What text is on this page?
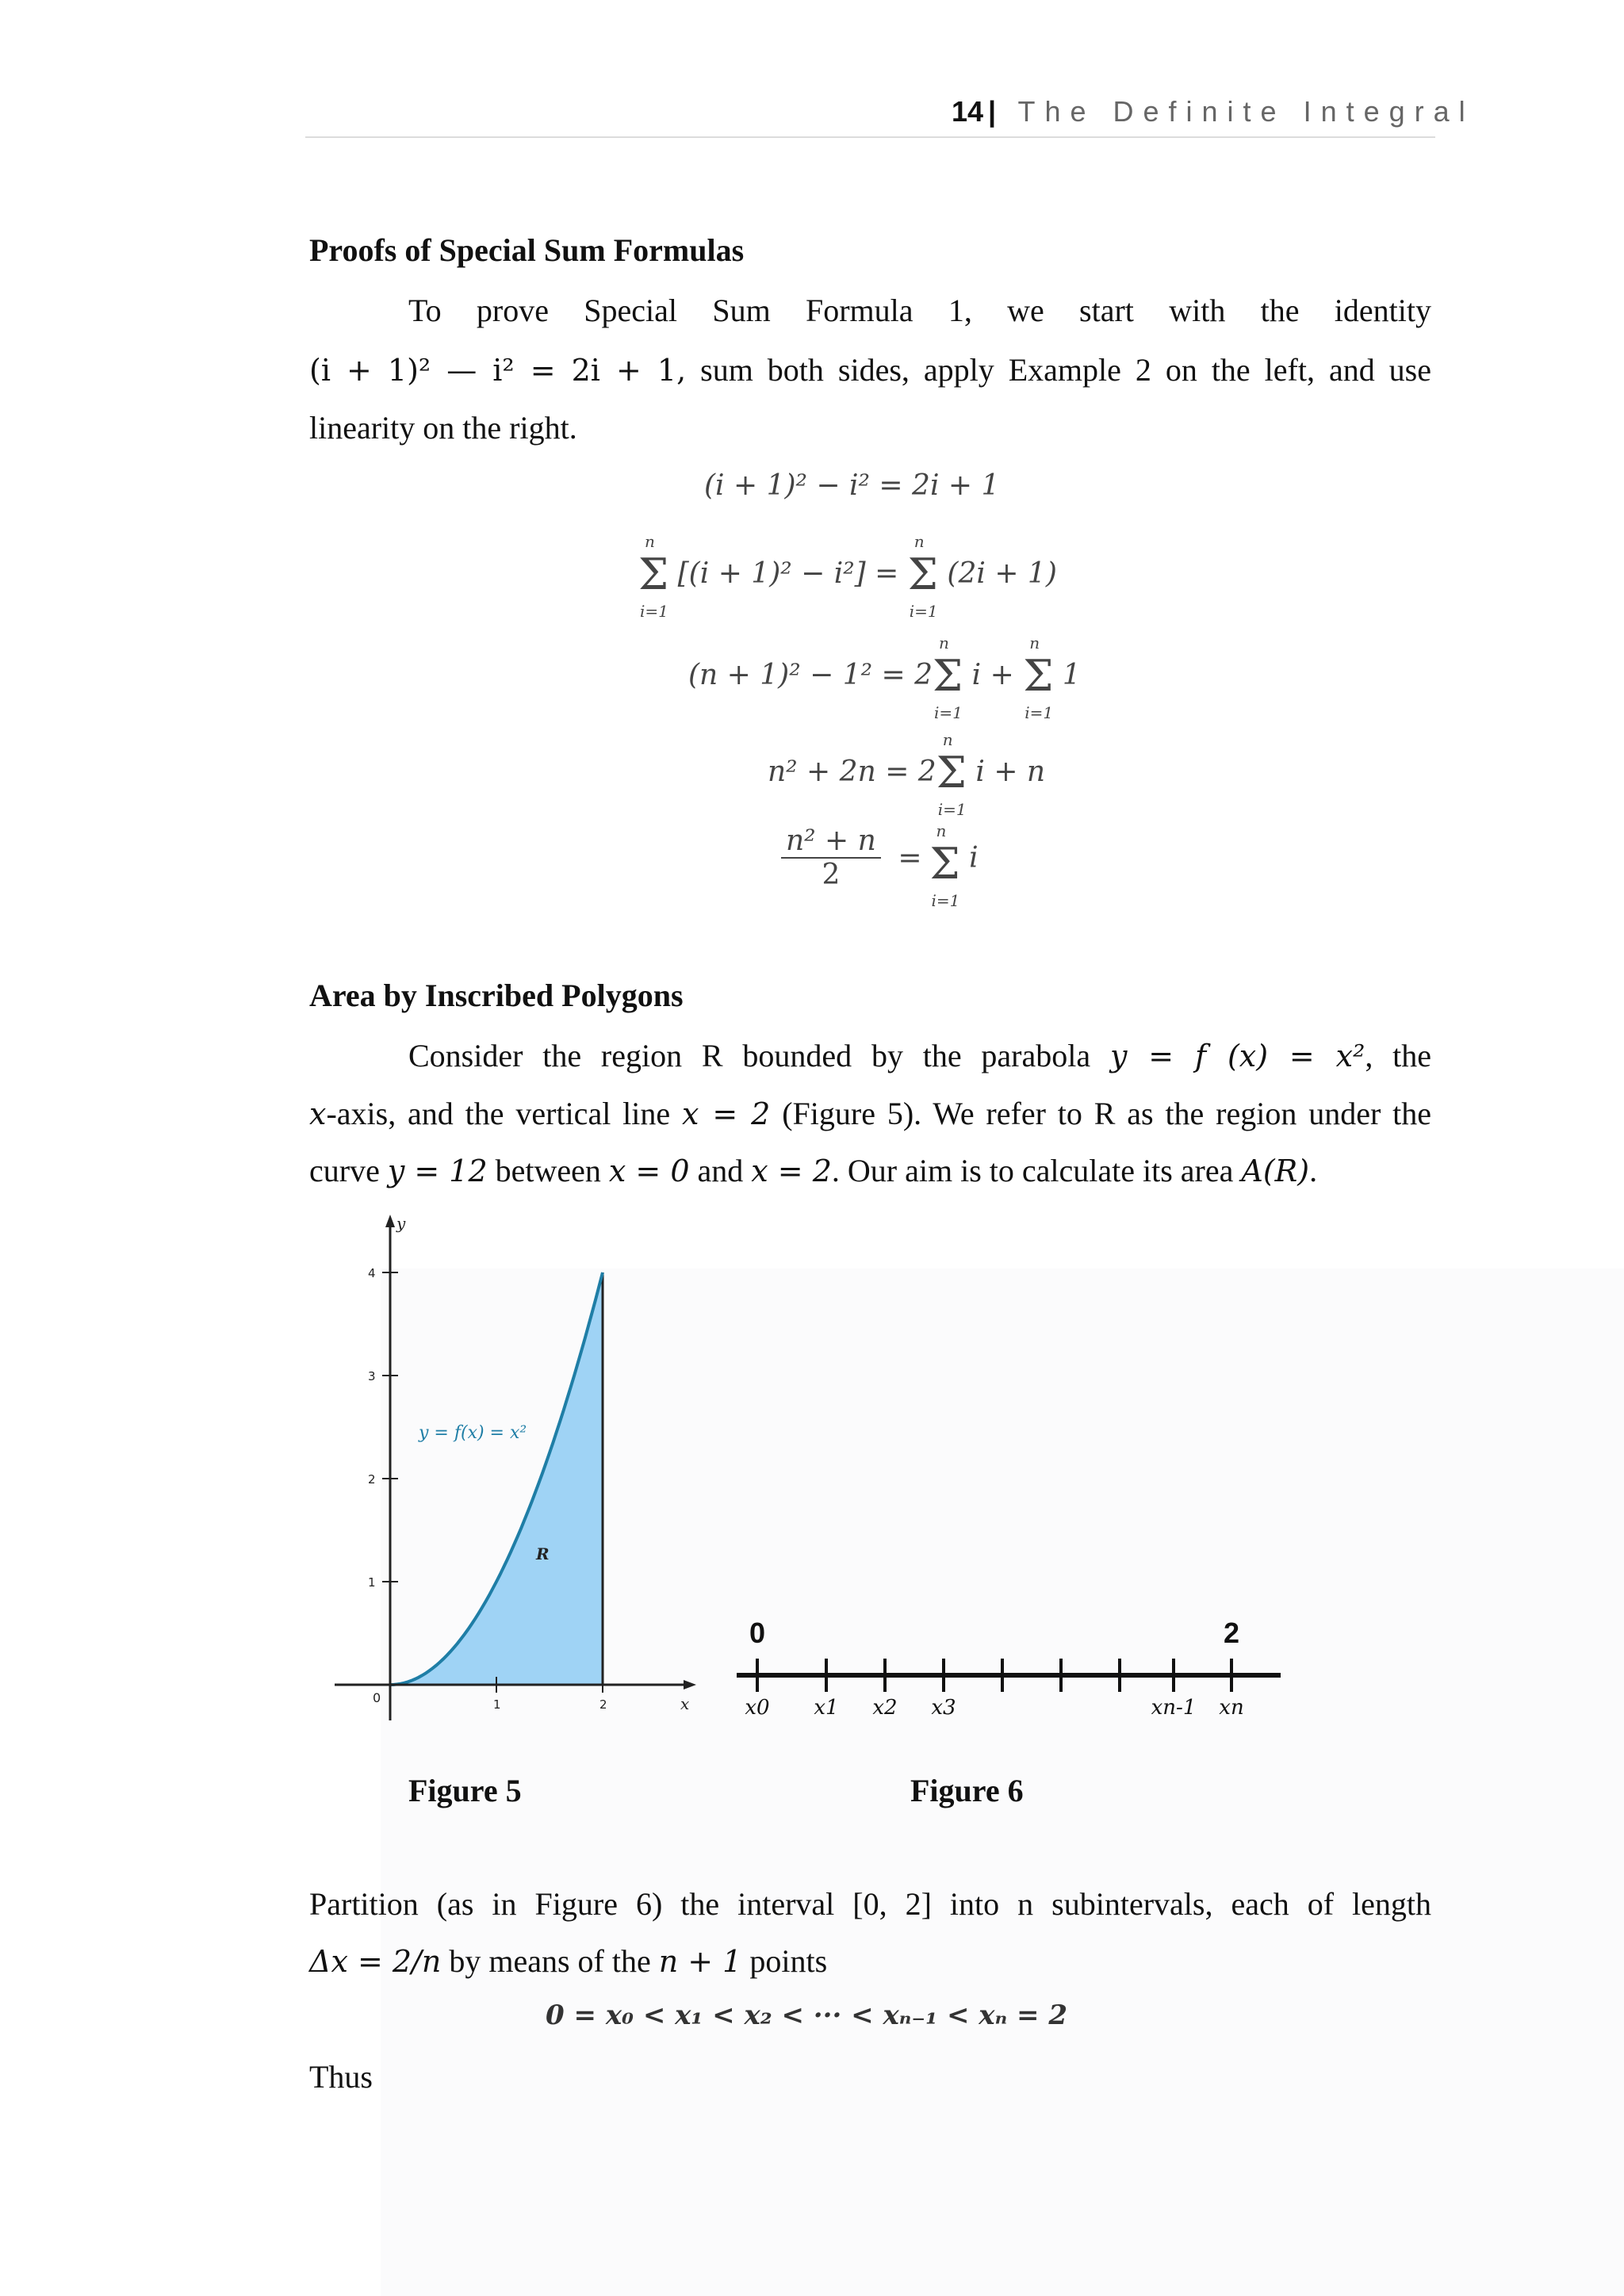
14 | The Definite Integral
Proofs of Special Sum Formulas
To prove Special Sum Formula 1, we start with the identity
(i + 1)² — i² = 2i + 1, sum both sides, apply Example 2 on the left, and use
linearity on the right.
(i + 1)² − i² = 2i + 1
Σ
n
i=1
[(i + 1)² − i²] = Σ
n
i=1
(2i + 1)
(n + 1)² − 1² = 2Σ
n
i=1
i + Σ
n
i=1
1
n² + 2n = 2Σ
n
i=1
i + n
$\frac{\text{n² + n}}{2} = \Sigma$
n
i=1
i
Area by Inscribed Polygons
Consider the region R bounded by the parabola y = f (x) = x², the
x-axis, and the vertical line x = 2 (Figure 5). We refer to R as the region under the
curve y = 12 between x = 0 and x = 2. Our aim is to calculate its area A(R).
1
2
3
4
1	2	x
y
0
y = f(x) = x²
R
Figure 5
0	2
x0 x1 x2 x3	xn-1 xn
Figure 6
Partition (as in Figure 6) the interval [0, 2] into n subintervals, each of length
Δx = 2/n by means of the n + 1 points
0 = x₀ < x₁ < x₂ < ··· < xₙ₋₁ < xₙ = 2
Thus
